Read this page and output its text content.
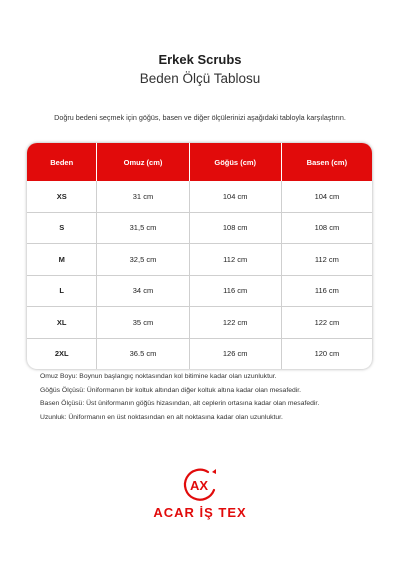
Erkek Scrubs
Beden Ölçü Tablosu
Doğru bedeni seçmek için göğüs, basen ve diğer ölçülerinizi aşağıdaki tabloyla karşılaştırın.
Beden	Omuz (cm)	Göğüs (cm)	Basen (cm)
XS	31 cm	104 cm	104 cm
S	31,5 cm	108 cm	108 cm
M	32,5 cm	112 cm	112 cm
L	34 cm	116 cm	116 cm
XL	35 cm	122 cm	122 cm
2XL	36.5 cm	126 cm	120 cm
Omuz Boyu: Boynun başlangıç noktasından kol bitimine kadar olan uzunluktur.
Göğüs Ölçüsü: Üniformanın bir koltuk altından diğer koltuk altına kadar olan mesafedir.
Basen Ölçüsü: Üst üniformanın göğüs hizasından, alt ceplerin ortasına kadar olan mesafedir.
Uzunluk: Üniformanın en üst noktasından en alt noktasına kadar olan uzunluktur.
AX
ACAR İŞ TEX
